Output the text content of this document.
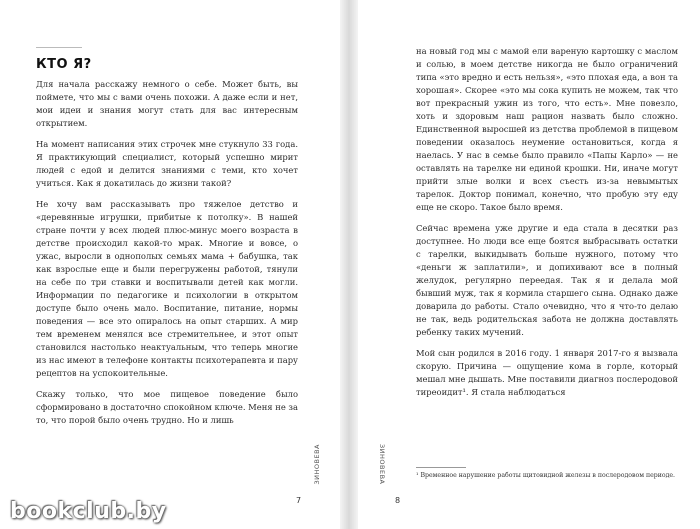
КТО Я?

Для начала расскажу немного о себе. Может быть, вы поймете, что мы с вами очень похожи. А даже если и нет, мои идеи и знания могут стать для вас интересным открытием.

На момент написания этих строчек мне стукнуло 33 года. Я практикующий специалист, который успешно мирит людей с едой и делится знаниями с теми, кто хочет учиться. Как я докатилась до жизни такой?

Не хочу вам рассказывать про тяжелое детство и «деревянные игрушки, прибитые к потолку». В нашей стране почти у всех людей плюс-минус моего возраста в детстве происходил какой-то мрак. Многие и вовсе, о ужас, выросли в однополых семьях мама + бабушка, так как взрослые еще и были перегружены работой, тянули на себе по три ставки и воспитывали детей как могли. Информации по педагогике и психологии в открытом доступе было очень мало. Воспитание, питание, нормы поведения — все это опиралось на опыт старших. А мир тем временем менялся все стремительнее, и этот опыт становился настолько неактуальным, что теперь многие из нас имеют в телефоне контакты психотерапевта и пару рецептов на успокоительные.

Скажу только, что мое пищевое поведение было сформировано в достаточно спокойном ключе. Меня не за то, что порой было очень трудно. Но и лишь

ЗИНОВЕВА
7

на новый год мы с мамой ели вареную картошку с маслом и солью, в моем детстве никогда не было ограничений типа «это вредно и есть нельзя», «это плохая еда, а вон та хорошая». Скорее «это мы сока купить не можем, так что вот прекрасный ужин из того, что есть». Мне повезло, хоть и здоровым наш рацион назвать было сложно. Единственной выросшей из детства проблемой в пищевом поведении оказалось неумение остановиться, когда я наелась. У нас в семье было правило «Папы Карло» — не оставлять на тарелке ни единой крошки. Ни, иначе могут прийти злые волки и всех съесть из-за невымытых тарелок. Доктор понимал, конечно, что пробую эту еду еще не скоро. Такое было время.

Сейчас времена уже другие и еда стала в десятки раз доступнее. Но люди все еще боятся выбрасывать остатки с тарелки, выкидывать больше нужного, потому что «деньги ж заплатили», и допихивают все в полный желудок, регулярно переедая. Так я и делала мой бывший муж, так я кормила старшего сына. Однако даже доварила до работы. Стало очевидно, что я что-то делаю не так, ведь родительская забота не должна доставлять ребенку таких мучений.

Мой сын родился в 2016 году. 1 января 2017-го я вызвала скорую. Причина — ощущение кома в горле, который мешал мне дышать. Мне поставили диагноз послеродовой тиреоидит¹. Я стала наблюдаться

¹ Временное нарушение работы щитовидной железы в послеродовом периоде.
ЗИНОВЕВА
8
bookclub.by
